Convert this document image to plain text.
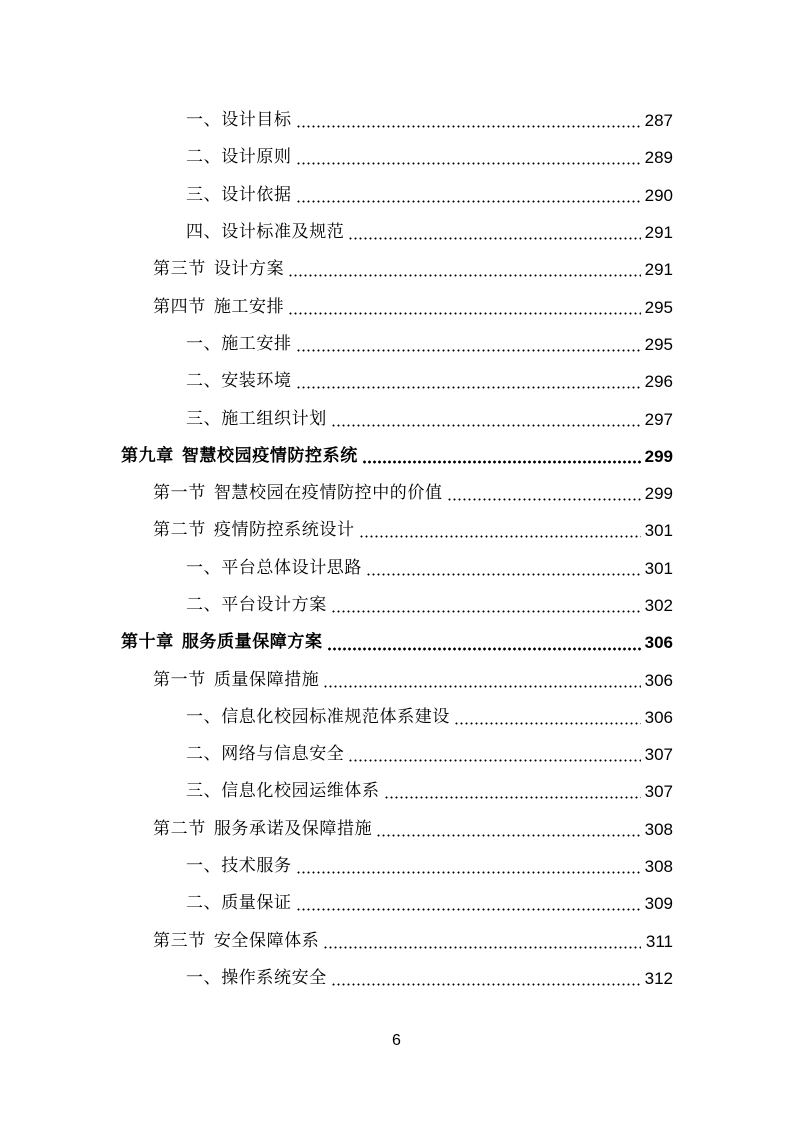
一、设计目标	287
二、设计原则	289
三、设计依据	290
四、设计标准及规范	291
第三节 设计方案	291
第四节 施工安排	295
一、施工安排	295
二、安装环境	296
三、施工组织计划	297
第九章 智慧校园疫情防控系统	299
第一节 智慧校园在疫情防控中的价值	299
第二节 疫情防控系统设计	301
一、平台总体设计思路	301
二、平台设计方案	302
第十章 服务质量保障方案	306
第一节 质量保障措施	306
一、信息化校园标准规范体系建设	306
二、网络与信息安全	307
三、信息化校园运维体系	307
第二节 服务承诺及保障措施	308
一、技术服务	308
二、质量保证	309
第三节 安全保障体系	311
一、操作系统安全	312
6
